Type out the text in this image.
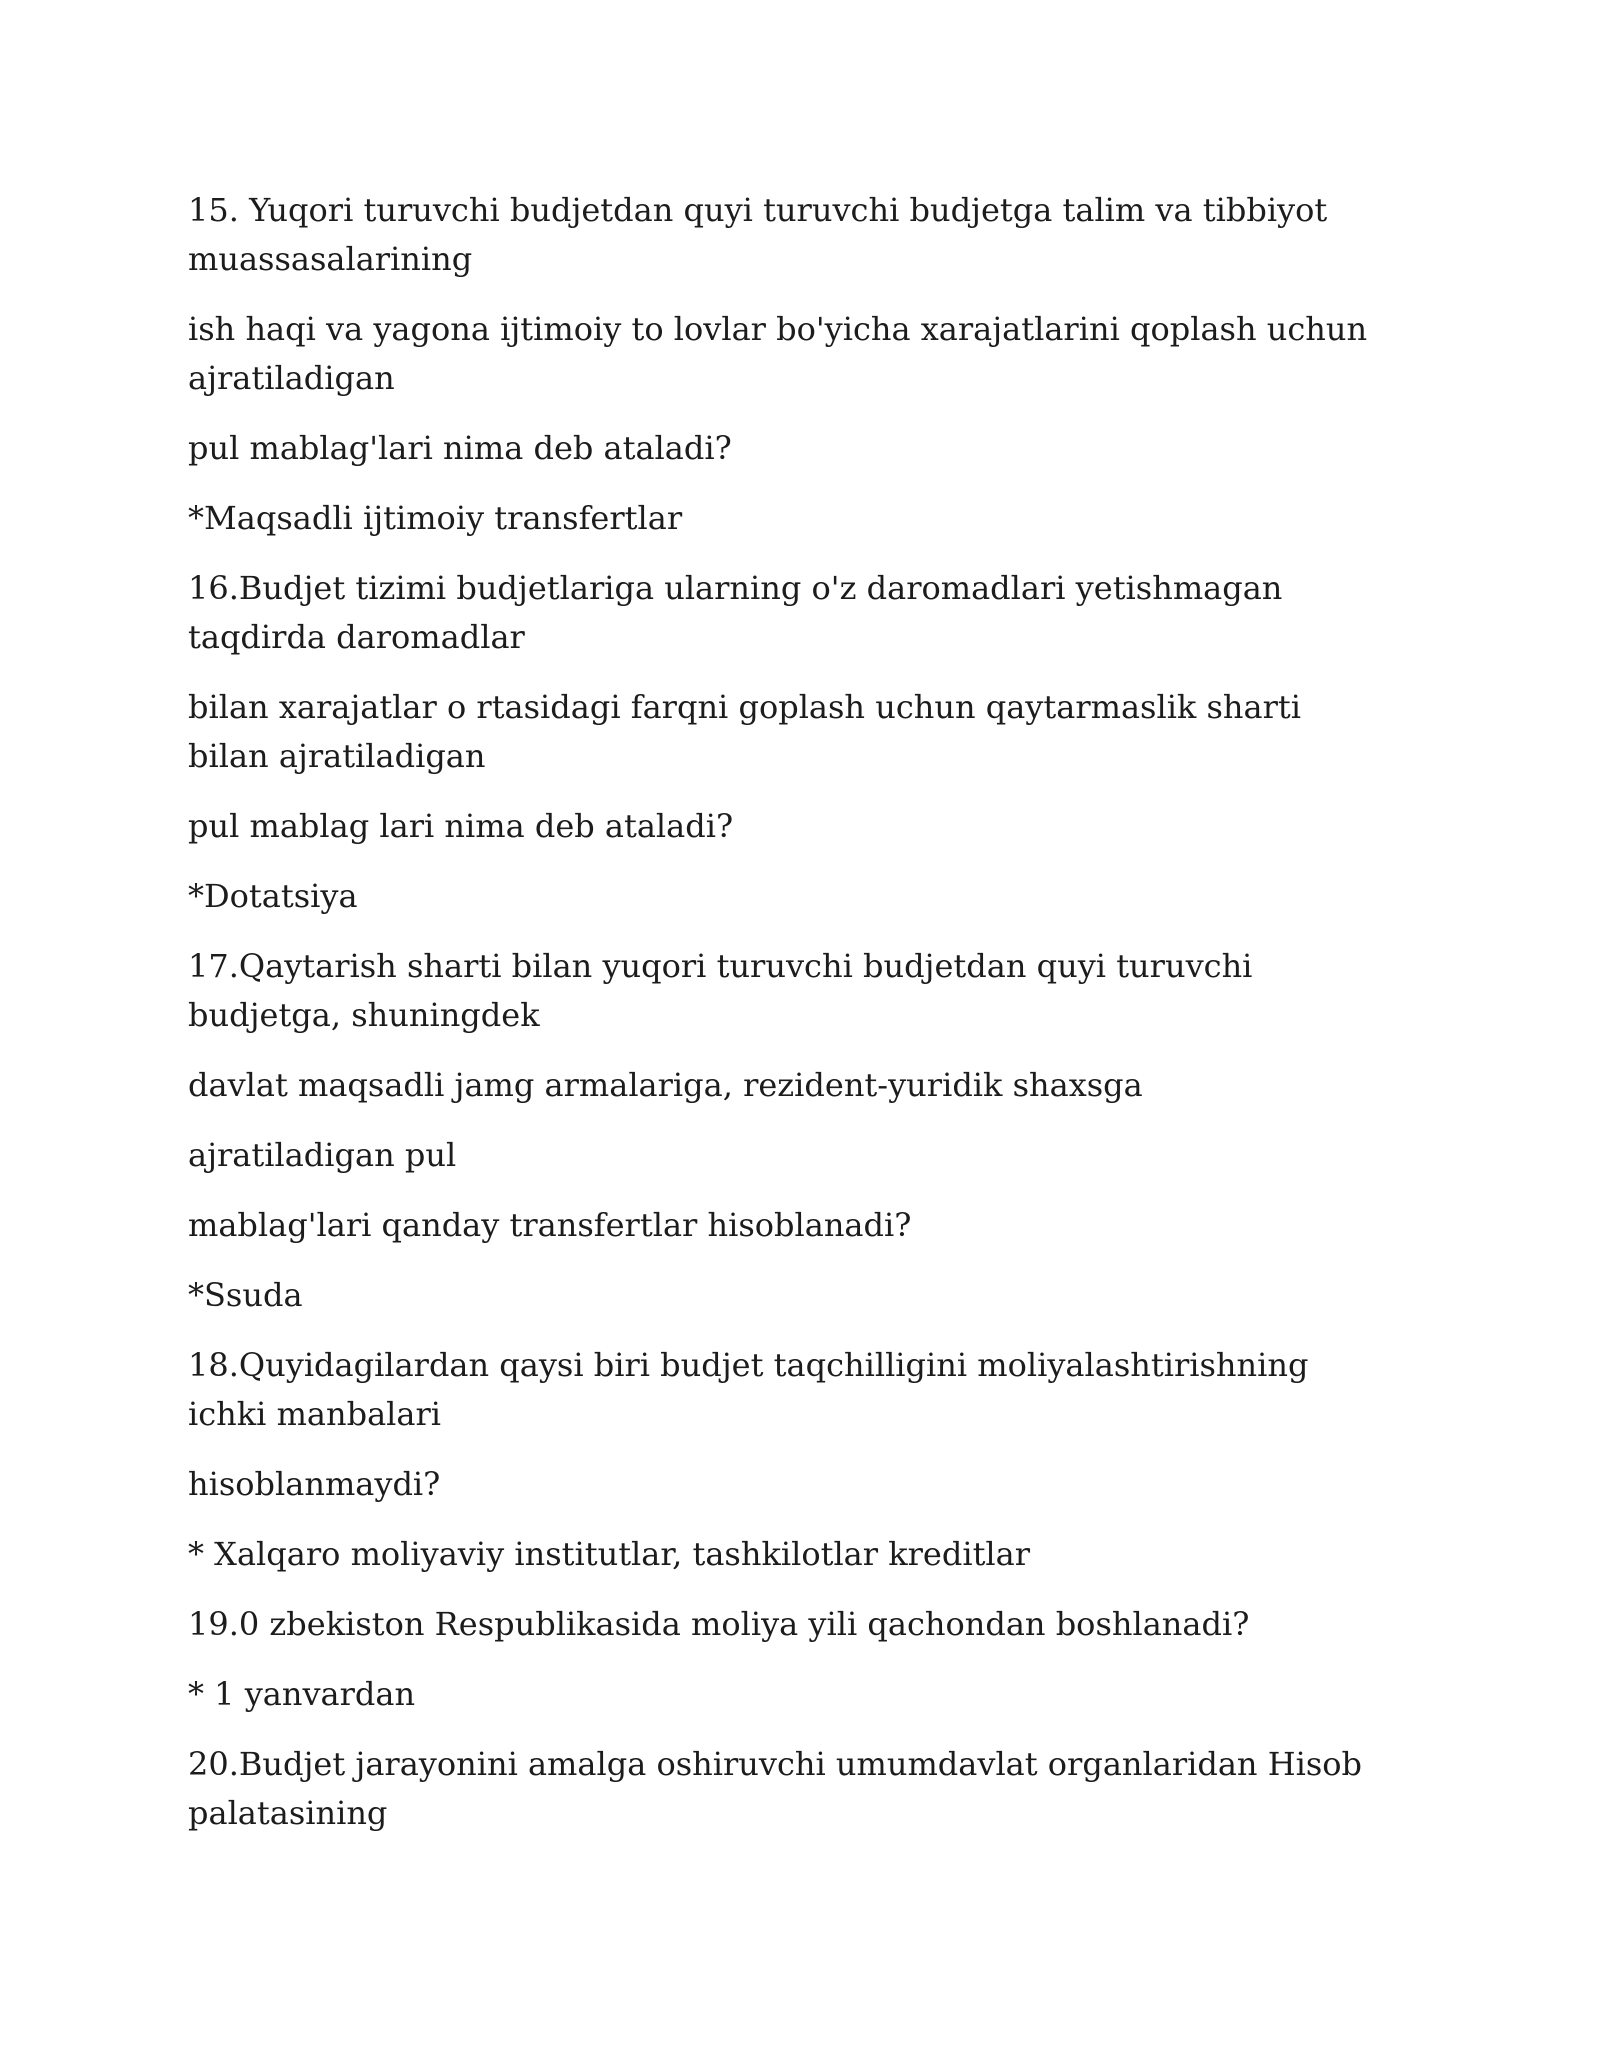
15. Yuqori turuvchi budjetdan quyi turuvchi budjetga talim va tibbiyot muassasalarining

ish haqi va yagona ijtimoiy to lovlar bo'yicha xarajatlarini qoplash uchun ajratiladigan

pul mablag'lari nima deb ataladi?

*Maqsadli ijtimoiy transfertlar

16.Budjet tizimi budjetlariga ularning o'z daromadlari yetishmagan taqdirda daromadlar

bilan xarajatlar o rtasidagi farqni goplash uchun qaytarmaslik sharti bilan ajratiladigan

pul mablag lari nima deb ataladi?

*Dotatsiya

17.Qaytarish sharti bilan yuqori turuvchi budjetdan quyi turuvchi budjetga, shuningdek

davlat maqsadli jamg armalariga, rezident-yuridik shaxsga

ajratiladigan pul

mablag'lari qanday transfertlar hisoblanadi?

*Ssuda

18.Quyidagilardan qaysi biri budjet taqchilligini moliyalashtirishning ichki manbalari

hisoblanmaydi?

* Xalqaro moliyaviy institutlar, tashkilotlar kreditlar

19.0 zbekiston Respublikasida moliya yili qachondan boshlanadi?

* 1 yanvardan

20.Budjet jarayonini amalga oshiruvchi umumdavlat organlaridan Hisob palatasining
